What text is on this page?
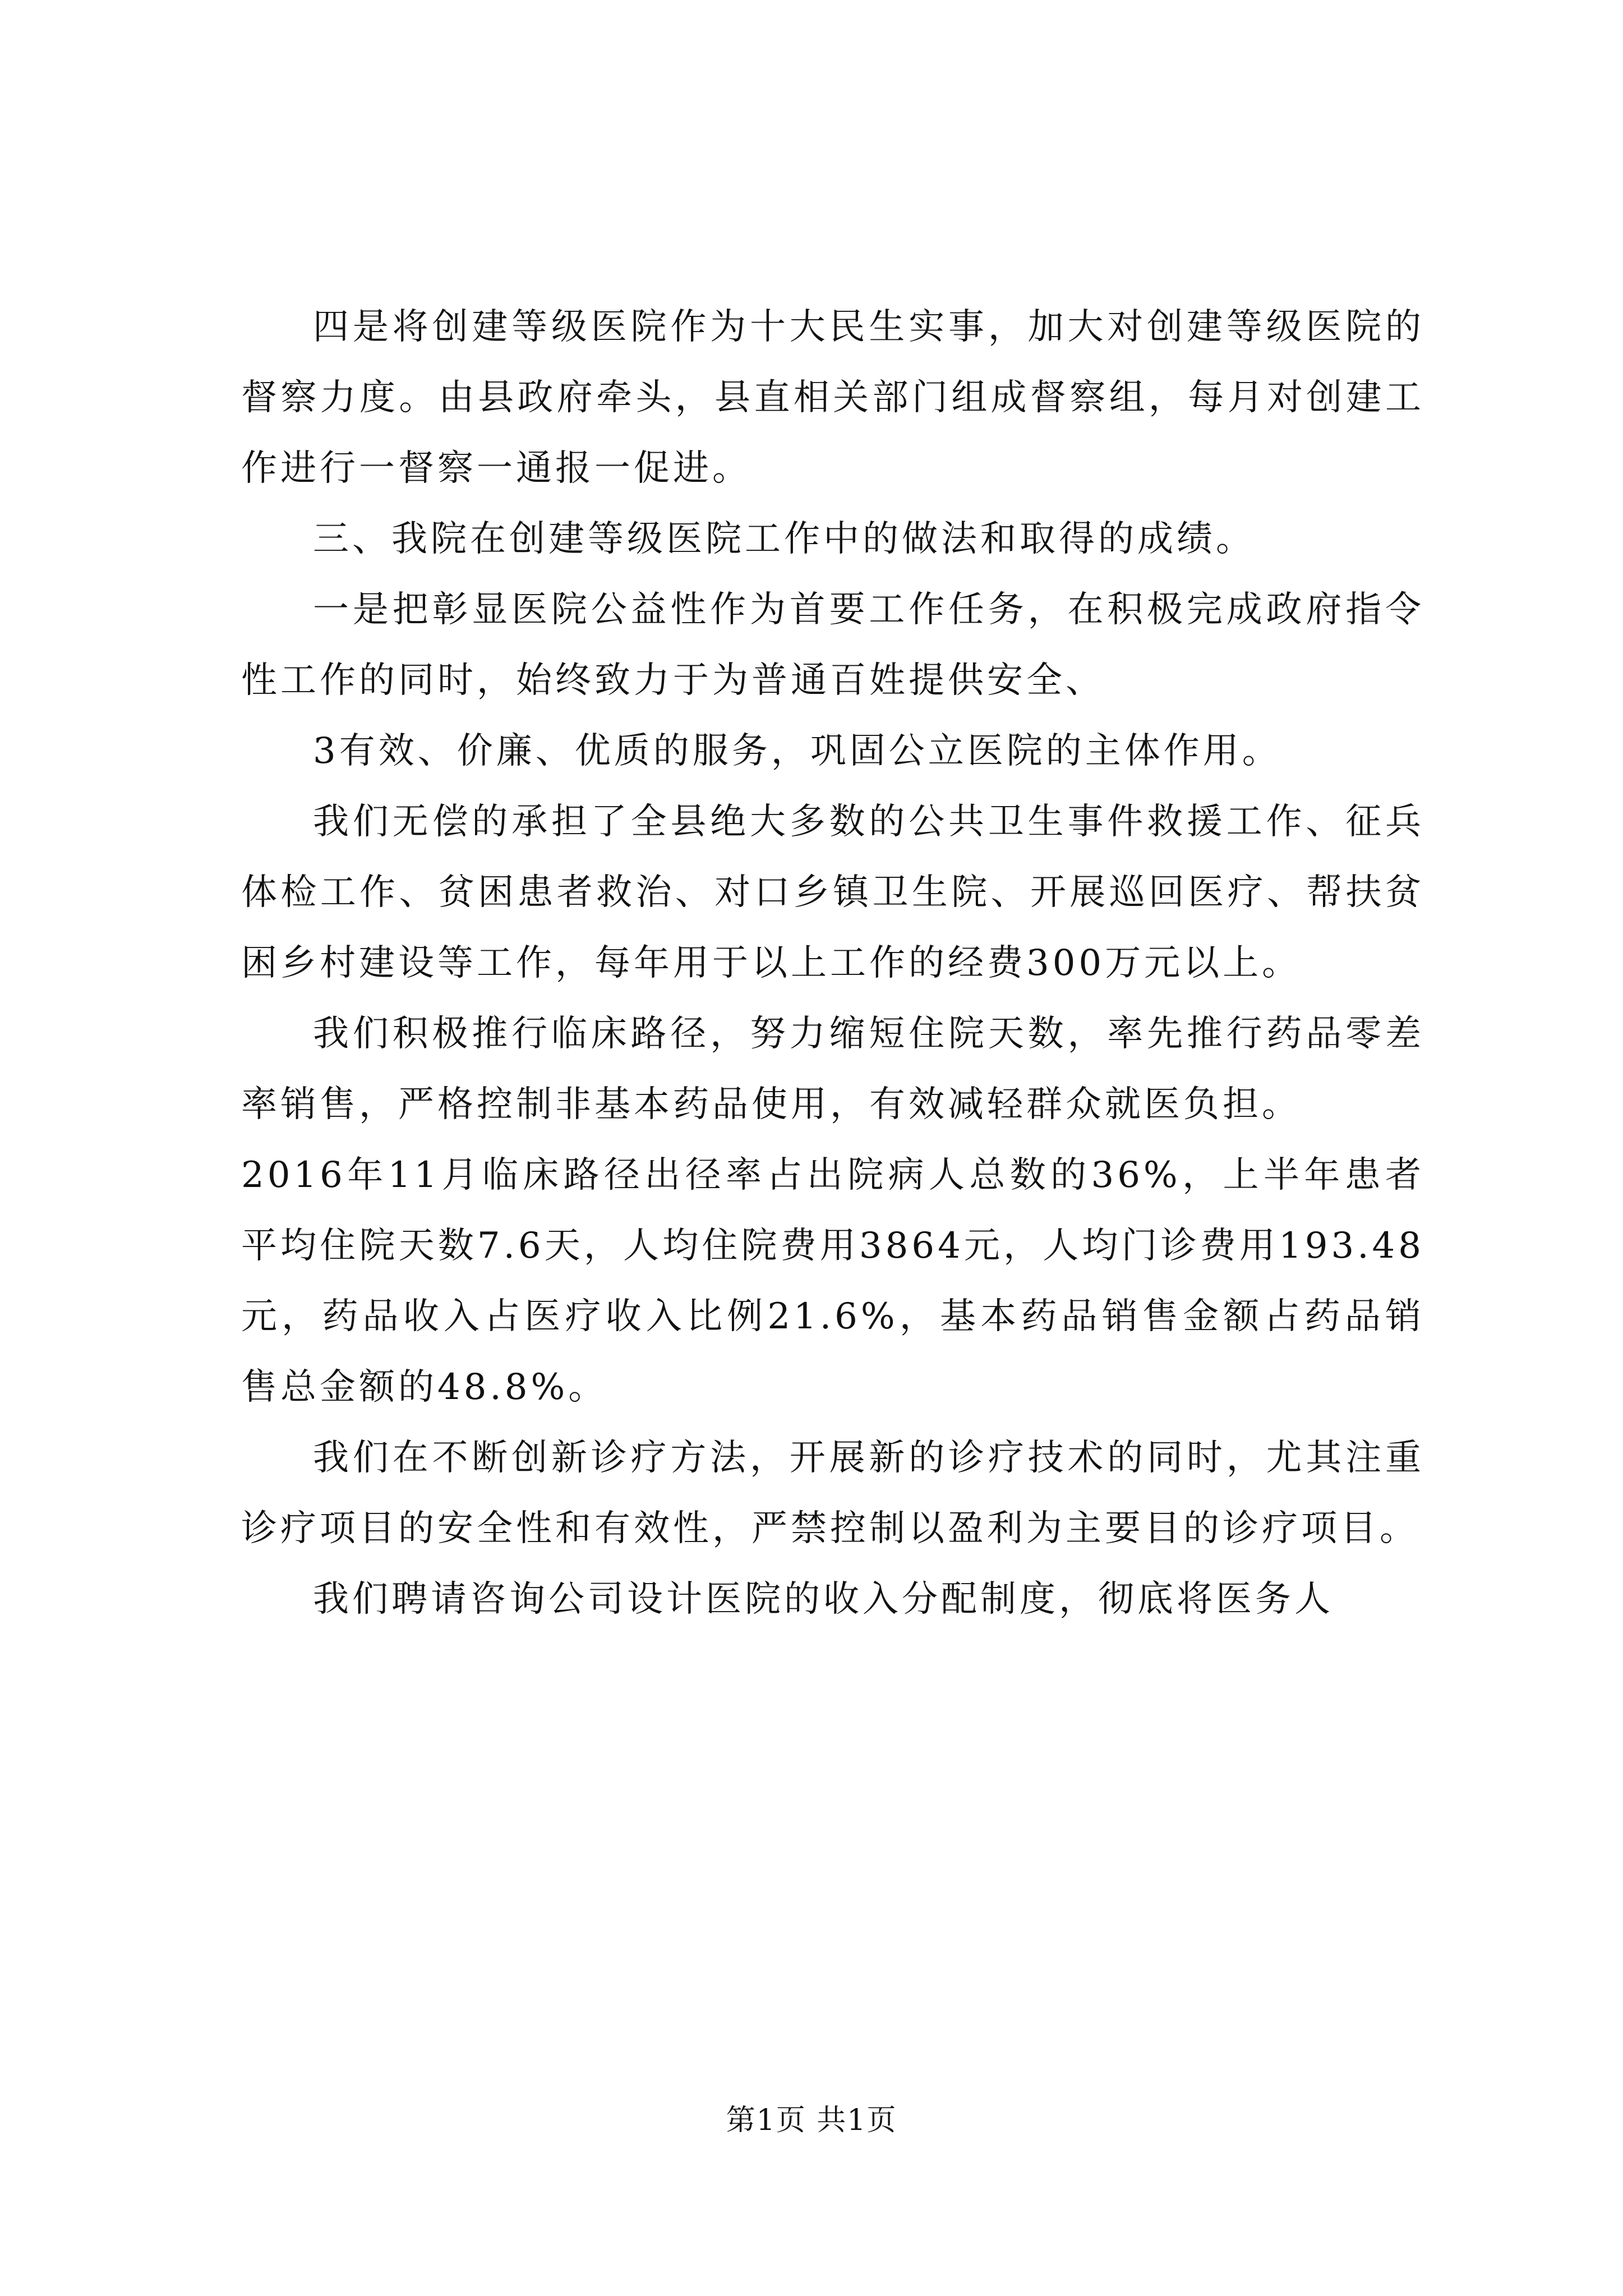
四是将创建等级医院作为十大民生实事，加大对创建等级医院的督察力度。由县政府牵头，县直相关部门组成督察组，每月对创建工作进行一督察一通报一促进。

三、我院在创建等级医院工作中的做法和取得的成绩。

一是把彰显医院公益性作为首要工作任务，在积极完成政府指令性工作的同时，始终致力于为普通百姓提供安全、

3有效、价廉、优质的服务，巩固公立医院的主体作用。

我们无偿的承担了全县绝大多数的公共卫生事件救援工作、征兵体检工作、贫困患者救治、对口乡镇卫生院、开展巡回医疗、帮扶贫困乡村建设等工作，每年用于以上工作的经费300万元以上。

我们积极推行临床路径，努力缩短住院天数，率先推行药品零差率销售，严格控制非基本药品使用，有效减轻群众就医负担。

2016年11月临床路径出径率占出院病人总数的36%，上半年患者平均住院天数7.6天，人均住院费用3864元，人均门诊费用193.48元，药品收入占医疗收入比例21.6%，基本药品销售金额占药品销售总金额的48.8%。

我们在不断创新诊疗方法，开展新的诊疗技术的同时，尤其注重诊疗项目的安全性和有效性，严禁控制以盈利为主要目的诊疗项目。

我们聘请咨询公司设计医院的收入分配制度，彻底将医务人

第1页 共1页
